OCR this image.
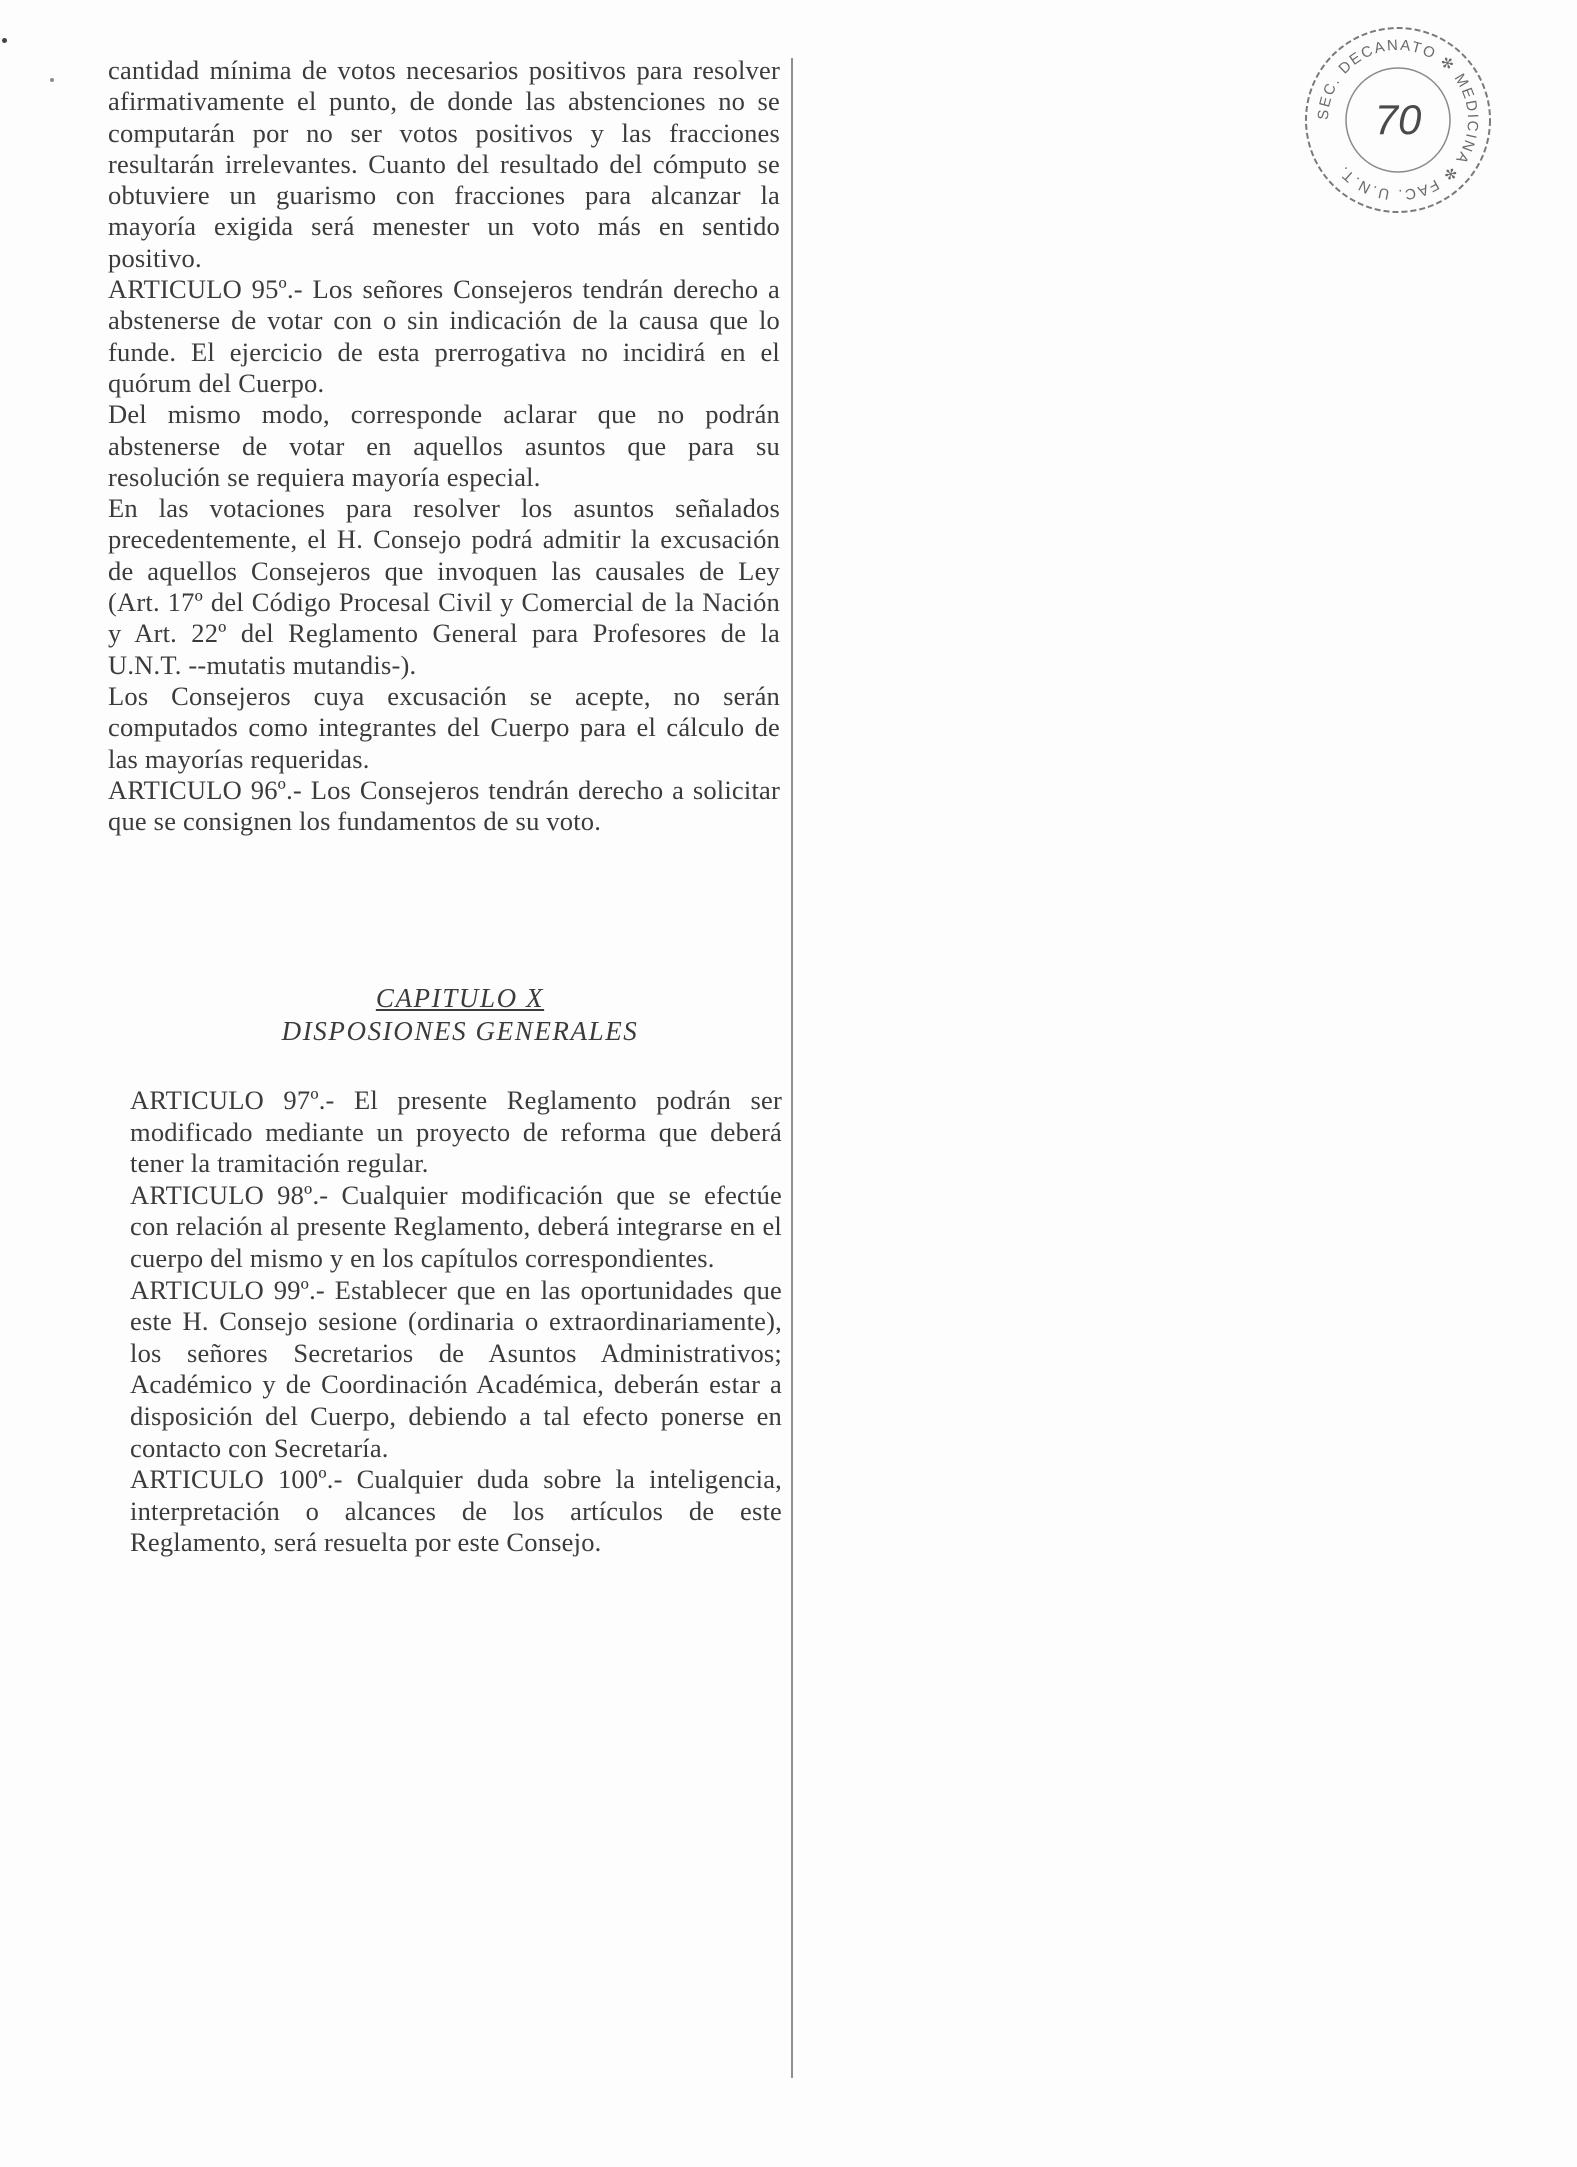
cantidad mínima de votos necesarios positivos para resolver afirmativamente el punto, de donde las abstenciones no se computarán por no ser votos positivos y las fracciones resultarán irrelevantes. Cuanto del resultado del cómputo se obtuviere un guarismo con fracciones para alcanzar la mayoría exigida será menester un voto más en sentido positivo.

ARTICULO 95º.- Los señores Consejeros tendrán derecho a abstenerse de votar con o sin indicación de la causa que lo funde. El ejercicio de esta prerrogativa no incidirá en el quórum del Cuerpo.

Del mismo modo, corresponde aclarar que no podrán abstenerse de votar en aquellos asuntos que para su resolución se requiera mayoría especial.

En las votaciones para resolver los asuntos señalados precedentemente, el H. Consejo podrá admitir la excusación de aquellos Consejeros que invoquen las causales de Ley (Art. 17º del Código Procesal Civil y Comercial de la Nación y Art. 22º del Reglamento General para Profesores de la U.N.T. --mutatis mutandis-).

Los Consejeros cuya excusación se acepte, no serán computados como integrantes del Cuerpo para el cálculo de las mayorías requeridas.

ARTICULO 96º.- Los Consejeros tendrán derecho a solicitar que se consignen los fundamentos de su voto.

CAPITULO X
DISPOSIONES GENERALES

ARTICULO 97º.- El presente Reglamento podrán ser modificado mediante un proyecto de reforma que deberá tener la tramitación regular.

ARTICULO 98º.- Cualquier modificación que se efectúe con relación al presente Reglamento, deberá integrarse en el cuerpo del mismo y en los capítulos correspondientes.

ARTICULO 99º.- Establecer que en las oportunidades que este H. Consejo sesione (ordinaria o extraordinariamente), los señores Secretarios de Asuntos Administrativos; Académico y de Coordinación Académica, deberán estar a disposición del Cuerpo, debiendo a tal efecto ponerse en contacto con Secretaría.

ARTICULO 100º.- Cualquier duda sobre la inteligencia, interpretación o alcances de los artículos de este Reglamento, será resuelta por este Consejo.

SEC. DECANATO ✻ MEDICINA ✻ FAC. U.N.T.
70
